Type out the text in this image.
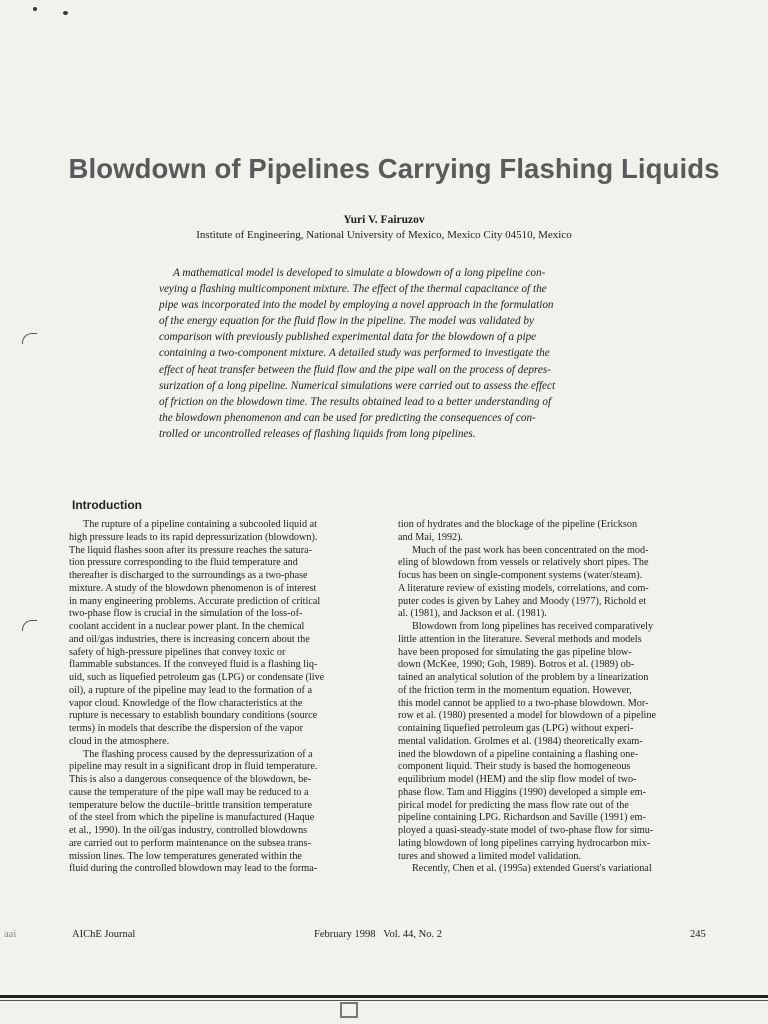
Blowdown of Pipelines Carrying Flashing Liquids
Yuri V. Fairuzov
Institute of Engineering, National University of Mexico, Mexico City 04510, Mexico
A mathematical model is developed to simulate a blowdown of a long pipeline con-
veying a flashing multicomponent mixture. The effect of the thermal capacitance of the
pipe was incorporated into the model by employing a novel approach in the formulation
of the energy equation for the fluid flow in the pipeline. The model was validated by
comparison with previously published experimental data for the blowdown of a pipe
containing a two-component mixture. A detailed study was performed to investigate the
effect of heat transfer between the fluid flow and the pipe wall on the process of depres-
surization of a long pipeline. Numerical simulations were carried out to assess the effect
of friction on the blowdown time. The results obtained lead to a better understanding of
the blowdown phenomenon and can be used for predicting the consequences of con-
trolled or uncontrolled releases of flashing liquids from long pipelines.
Introduction
The rupture of a pipeline containing a subcooled liquid at
high pressure leads to its rapid depressurization (blowdown).
The liquid flashes soon after its pressure reaches the satura-
tion pressure corresponding to the fluid temperature and
thereafter is discharged to the surroundings as a two-phase
mixture. A study of the blowdown phenomenon is of interest
in many engineering problems. Accurate prediction of critical
two-phase flow is crucial in the simulation of the loss-of-
coolant accident in a nuclear power plant. In the chemical
and oil/gas industries, there is increasing concern about the
safety of high-pressure pipelines that convey toxic or
flammable substances. If the conveyed fluid is a flashing liq-
uid, such as liquefied petroleum gas (LPG) or condensate (live
oil), a rupture of the pipeline may lead to the formation of a
vapor cloud. Knowledge of the flow characteristics at the
rupture is necessary to establish boundary conditions (source
terms) in models that describe the dispersion of the vapor
cloud in the atmosphere.
The flashing process caused by the depressurization of a
pipeline may result in a significant drop in fluid temperature.
This is also a dangerous consequence of the blowdown, be-
cause the temperature of the pipe wall may be reduced to a
temperature below the ductile–brittle transition temperature
of the steel from which the pipeline is manufactured (Haque
et al., 1990). In the oil/gas industry, controlled blowdowns
are carried out to perform maintenance on the subsea trans-
mission lines. The low temperatures generated within the
fluid during the controlled blowdown may lead to the forma-
tion of hydrates and the blockage of the pipeline (Erickson
and Mai, 1992).
Much of the past work has been concentrated on the mod-
eling of blowdown from vessels or relatively short pipes. The
focus has been on single-component systems (water/steam).
A literature review of existing models, correlations, and com-
puter codes is given by Lahey and Moody (1977), Richold et
al. (1981), and Jackson et al. (1981).
Blowdown from long pipelines has received comparatively
little attention in the literature. Several methods and models
have been proposed for simulating the gas pipeline blow-
down (McKee, 1990; Goh, 1989). Botros et al. (1989) ob-
tained an analytical solution of the problem by a linearization
of the friction term in the momentum equation. However,
this model cannot be applied to a two-phase blowdown. Mor-
row et al. (1980) presented a model for blowdown of a pipeline
containing liquefied petroleum gas (LPG) without experi-
mental validation. Grolmes et al. (1984) theoretically exam-
ined the blowdown of a pipeline containing a flashing one-
component liquid. Their study is based the homogeneous
equilibrium model (HEM) and the slip flow model of two-
phase flow. Tam and Higgins (1990) developed a simple em-
pirical model for predicting the mass flow rate out of the
pipeline containing LPG. Richardson and Saville (1991) em-
ployed a quasi-steady-state model of two-phase flow for simu-
lating blowdown of long pipelines carrying hydrocarbon mix-
tures and showed a limited model validation.
Recently, Chen et al. (1995a) extended Guerst's variational
aai	AIChE Journal	February 1998   Vol. 44, No. 2	245
